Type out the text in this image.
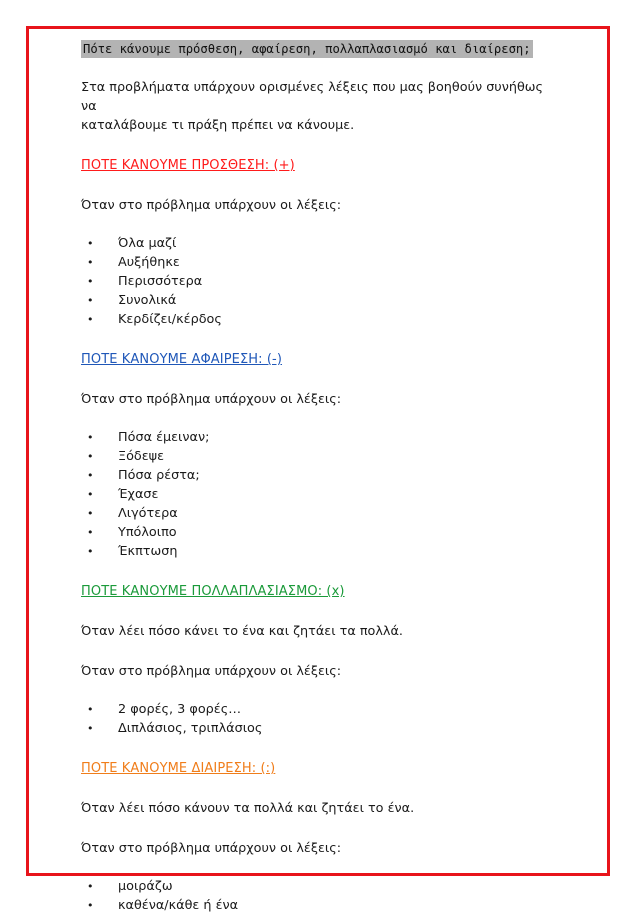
Πότε κάνουμε πρόσθεση, αφαίρεση, πολλαπλασιασμό και διαίρεση;

Στα προβλήματα υπάρχουν ορισμένες λέξεις που μας βοηθούν συνήθως να

καταλάβουμε τι πράξη πρέπει να κάνουμε.

ΠΟΤΕ ΚΑΝΟΥΜΕ ΠΡΟΣΘΕΣΗ: (+)

Όταν στο πρόβλημα υπάρχουν οι λέξεις:

• Όλα μαζί
• Αυξήθηκε
• Περισσότερα
• Συνολικά
• Κερδίζει/κέρδος

ΠΟΤΕ ΚΑΝΟΥΜΕ ΑΦΑΙΡΕΣΗ: (-)

Όταν στο πρόβλημα υπάρχουν οι λέξεις:

• Πόσα έμειναν;
• Ξόδεψε
• Πόσα ρέστα;
• Έχασε
• Λιγότερα
• Υπόλοιπο
• Έκπτωση

ΠΟΤΕ ΚΑΝΟΥΜΕ ΠΟΛΛΑΠΛΑΣΙΑΣΜΟ: (x)

Όταν λέει πόσο κάνει το ένα και ζητάει τα πολλά.

Όταν στο πρόβλημα υπάρχουν οι λέξεις:

• 2 φορές, 3 φορές…
• Διπλάσιος, τριπλάσιος

ΠΟΤΕ ΚΑΝΟΥΜΕ ΔΙΑΙΡΕΣΗ: (:)

Όταν λέει πόσο κάνουν τα πολλά και ζητάει το ένα.

Όταν στο πρόβλημα υπάρχουν οι λέξεις:

• μοιράζω
• καθένα/κάθε ή ένα
